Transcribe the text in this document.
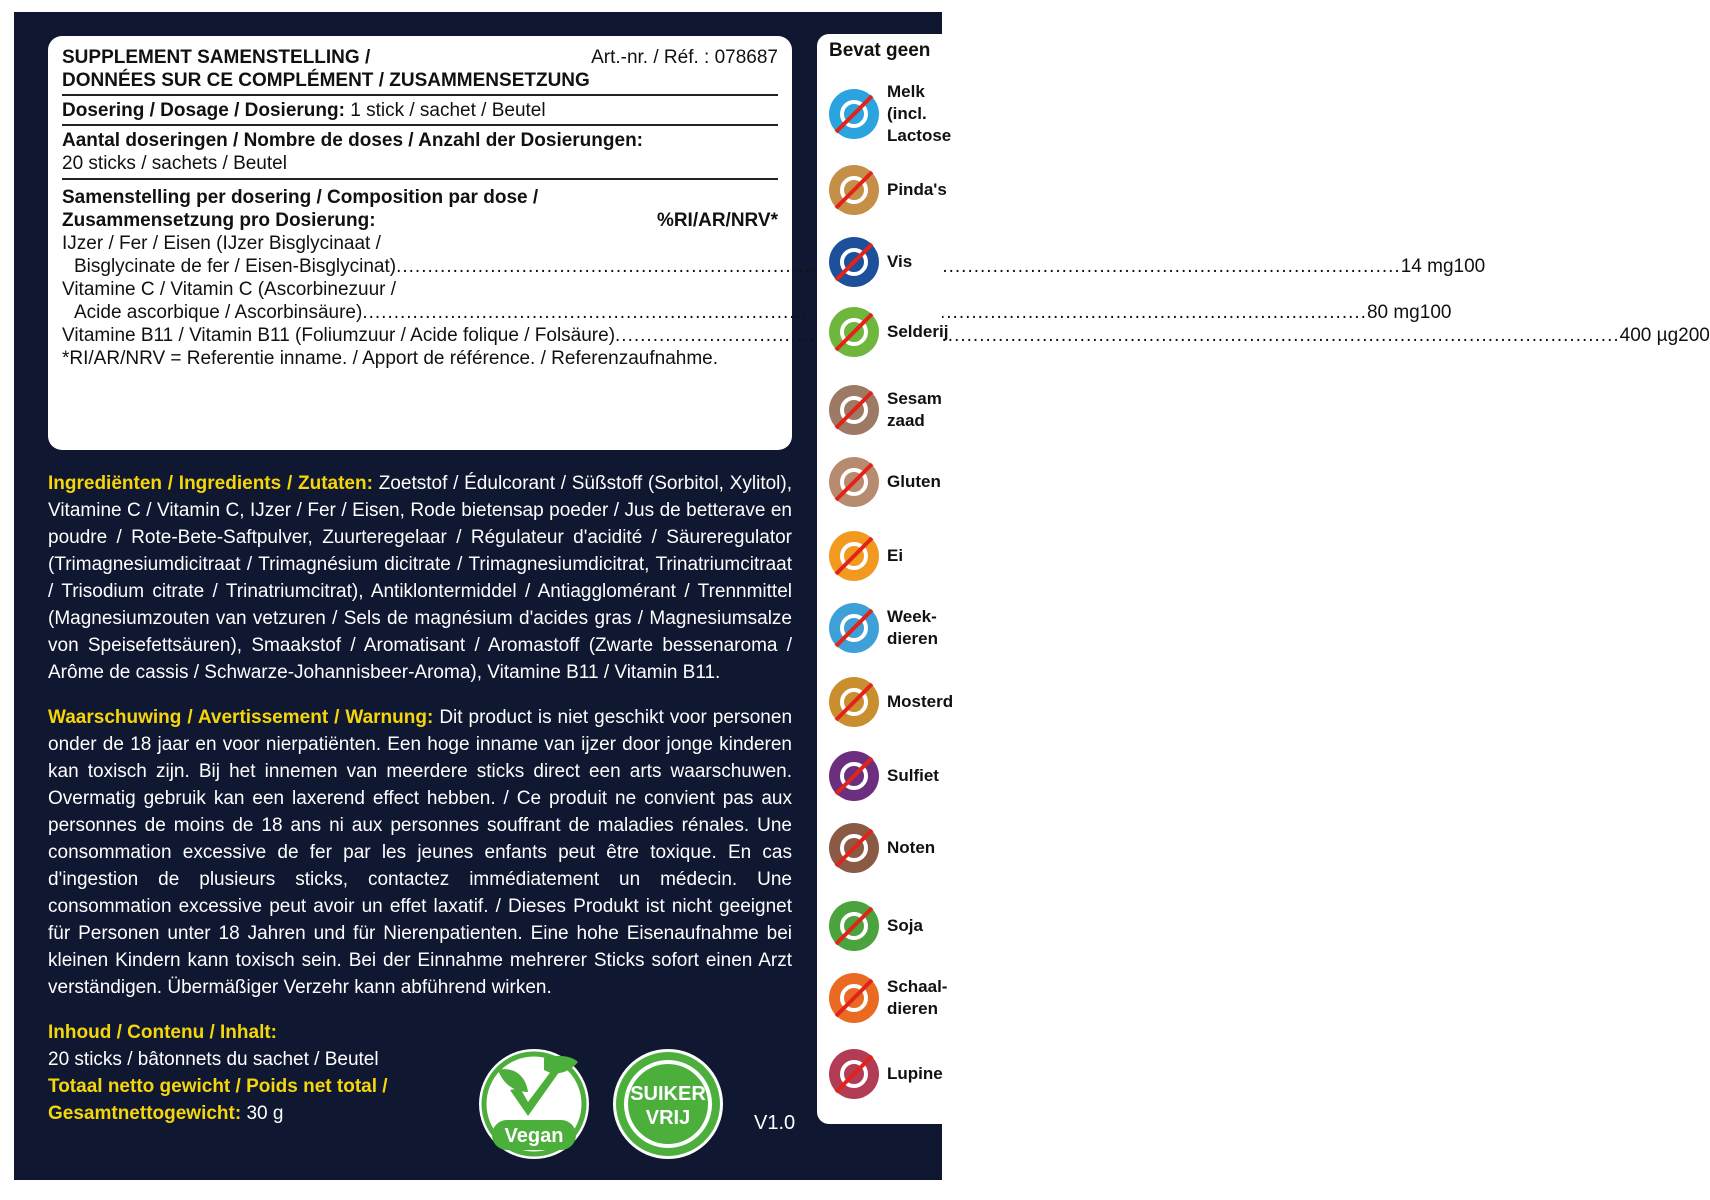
SUPPLEMENT SAMENSTELLING /
DONNÉES SUR CE COMPLÉMENT / ZUSAMMENSETZUNG
Art.-nr. / Réf. : 078687
Dosering / Dosage / Dosierung: 1 stick / sachet / Beutel
Aantal doseringen / Nombre de doses / Anzahl der Dosierungen:
20 sticks / sachets / Beutel
Samenstelling per dosering / Composition par dose /
Zusammensetzung pro Dosierung:	%RI/AR/NRV*
IJzer / Fer / Eisen (IJzer Bisglycinaat /
Bisglycinate de fer / Eisen-Bisglycinat) .....	14 mg 100
Vitamine C / Vitamin C (Ascorbinezuur /
Acide ascorbique / Ascorbinsäure) .....	80 mg 100
Vitamine B11 / Vitamin B11 (Foliumzuur / Acide folique / Folsäure) .....	400 µg 200
*RI/AR/NRV = Referentie inname. / Apport de référence. / Referenzaufnahme.
Bevat geen
Melk
(incl.
Lactose
Pinda's
Vis
Selderij
Sesam
zaad
Gluten
Ei
Week-
dieren
Mosterd
Sulfiet
Noten
Soja
Schaal-
dieren
Lupine

Ingrediënten / Ingredients / Zutaten: Zoetstof / Édulcorant / Süßstoff (Sorbitol, Xylitol), Vitamine C / Vitamin C, IJzer / Fer / Eisen, Rode bietensap poeder / Jus de betterave en poudre / Rote-Bete-Saftpulver, Zuurteregelaar / Régulateur d'acidité / Säureregulator (Trimagnesiumdicitraat / Trimagnésium dicitrate / Trimagnesiumdicitrat, Trinatriumcitraat / Trisodium citrate / Trinatriumcitrat), Antiklontermiddel / Antiagglomérant / Trennmittel (Magnesiumzouten van vetzuren / Sels de magnésium d'acides gras / Magnesiumsalze von Speisefettsäuren), Smaakstof / Aromatisant / Aromastoff (Zwarte bessenaroma / Arôme de cassis / Schwarze-Johannisbeer-Aroma), Vitamine B11 / Vitamin B11.

Waarschuwing / Avertissement / Warnung: Dit product is niet geschikt voor personen onder de 18 jaar en voor nierpatiënten. Een hoge inname van ijzer door jonge kinderen kan toxisch zijn. Bij het innemen van meerdere sticks direct een arts waarschuwen. Overmatig gebruik kan een laxerend effect hebben. / Ce produit ne convient pas aux personnes de moins de 18 ans ni aux personnes souffrant de maladies rénales. Une consommation excessive de fer par les jeunes enfants peut être toxique. En cas d'ingestion de plusieurs sticks, contactez immédiatement un médecin. Une consommation excessive peut avoir un effet laxatif. / Dieses Produkt ist nicht geeignet für Personen unter 18 Jahren und für Nierenpatienten. Eine hohe Eisenaufnahme bei kleinen Kindern kann toxisch sein. Bei der Einnahme mehrerer Sticks sofort einen Arzt verständigen. Übermäßiger Verzehr kann abführend wirken.

Inhoud / Contenu / Inhalt:
20 sticks / bâtonnets du sachet / Beutel
Totaal netto gewicht / Poids net total /
Gesamtnettogewicht: 30 g
Vegan
SUIKER
VRIJ	V1.0
